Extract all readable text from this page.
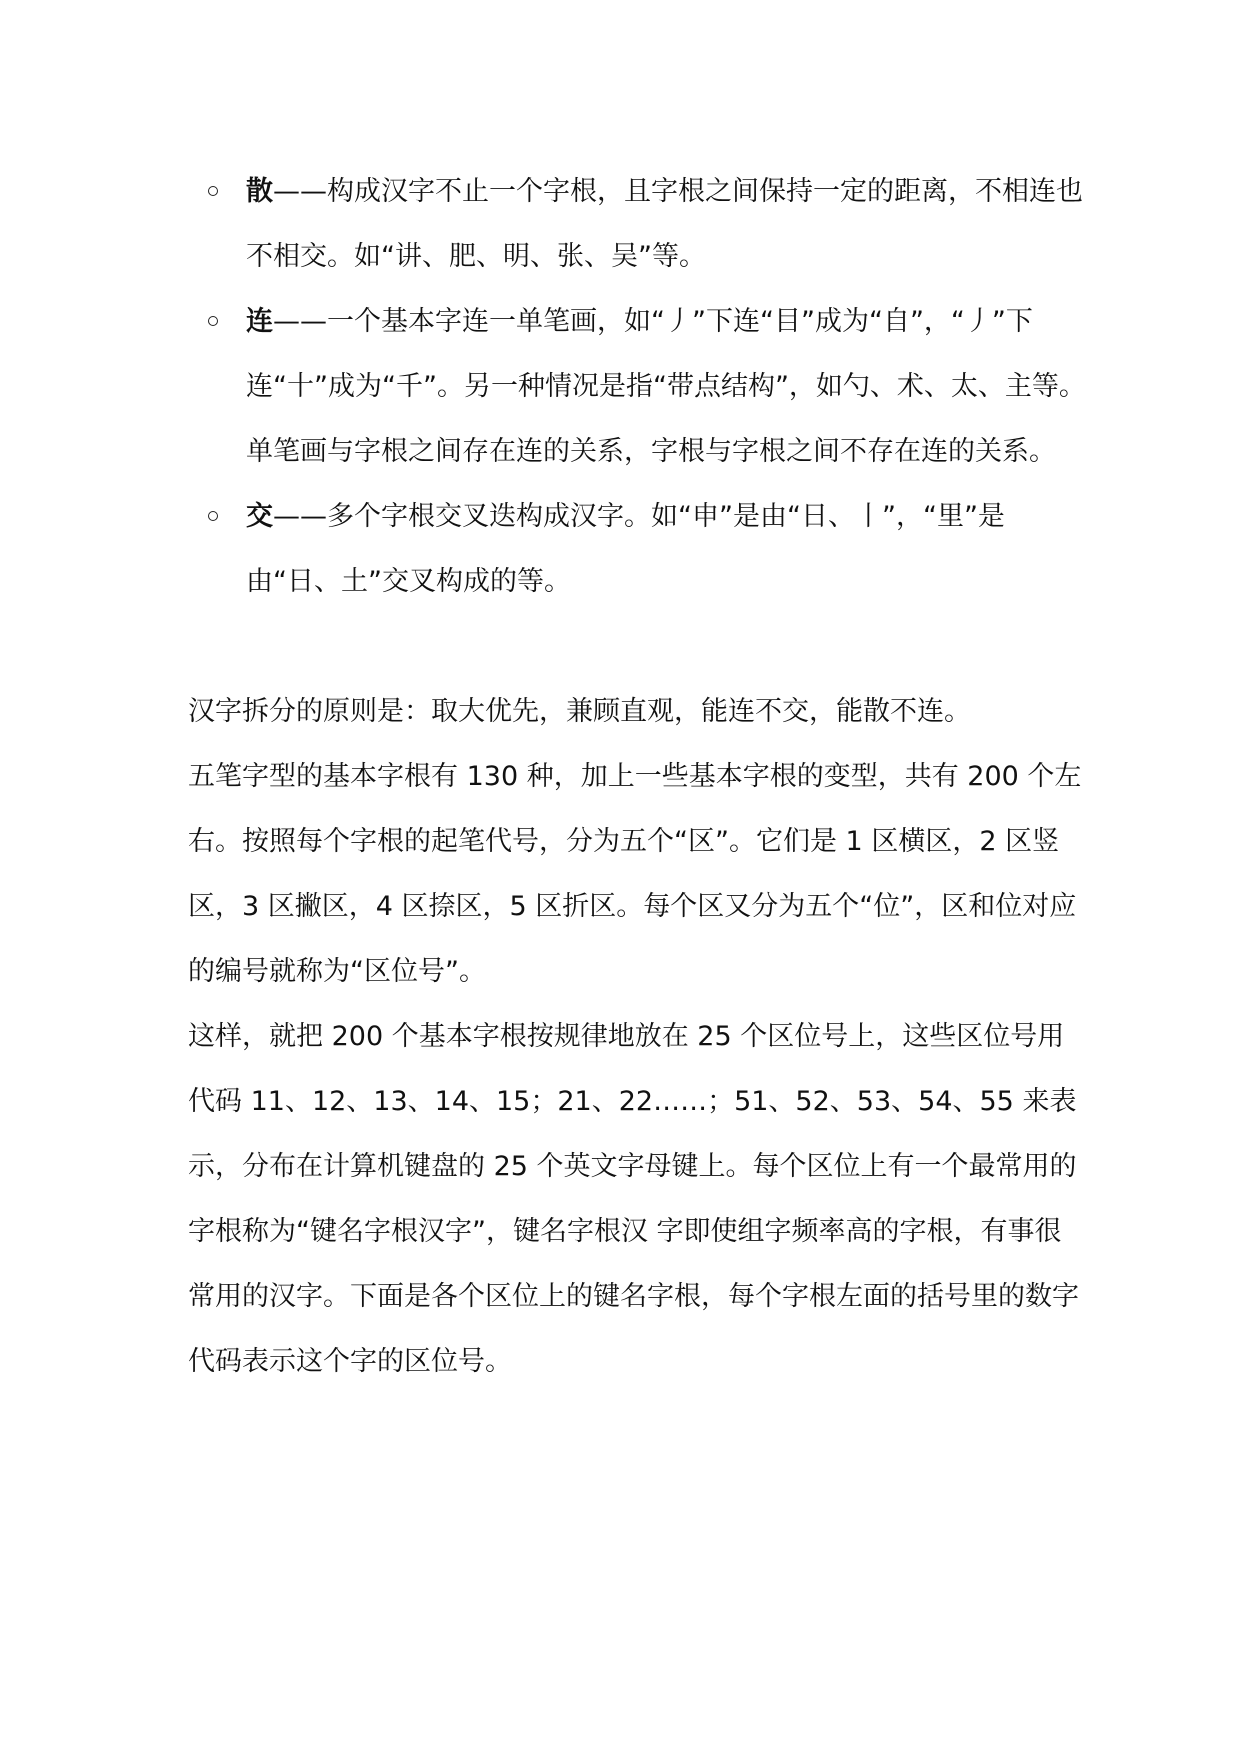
散——构成汉字不止一个字根，且字根之间保持一定的距离，不相连也不相交。如“讲、肥、明、张、吴”等。
连——一个基本字连一单笔画，如“丿”下连“目”成为“自”，“丿”下连“十”成为“千”。另一种情况是指“带点结构”，如勺、术、太、主等。单笔画与字根之间存在连的关系，字根与字根之间不存在连的关系。
交——多个字根交叉迭构成汉字。如“申”是由“日、丨”，“里”是由“日、土”交叉构成的等。

汉字拆分的原则是：取大优先，兼顾直观，能连不交，能散不连。

五笔字型的基本字根有 130 种，加上一些基本字根的变型，共有 200 个左右。按照每个字根的起笔代号，分为五个“区”。它们是 1 区横区，2 区竖区，3 区撇区，4 区捺区，5 区折区。每个区又分为五个“位”，区和位对应的编号就称为“区位号”。

这样，就把 200 个基本字根按规律地放在 25 个区位号上，这些区位号用代码 11、12、13、14、15；21、22……；51、52、53、54、55 来表示，分布在计算机键盘的 25 个英文字母键上。每个区位上有一个最常用的字根称为“键名字根汉字”，键名字根汉 字即使组字频率高的字根，有事很常用的汉字。下面是各个区位上的键名字根，每个字根左面的括号里的数字代码表示这个字的区位号。
